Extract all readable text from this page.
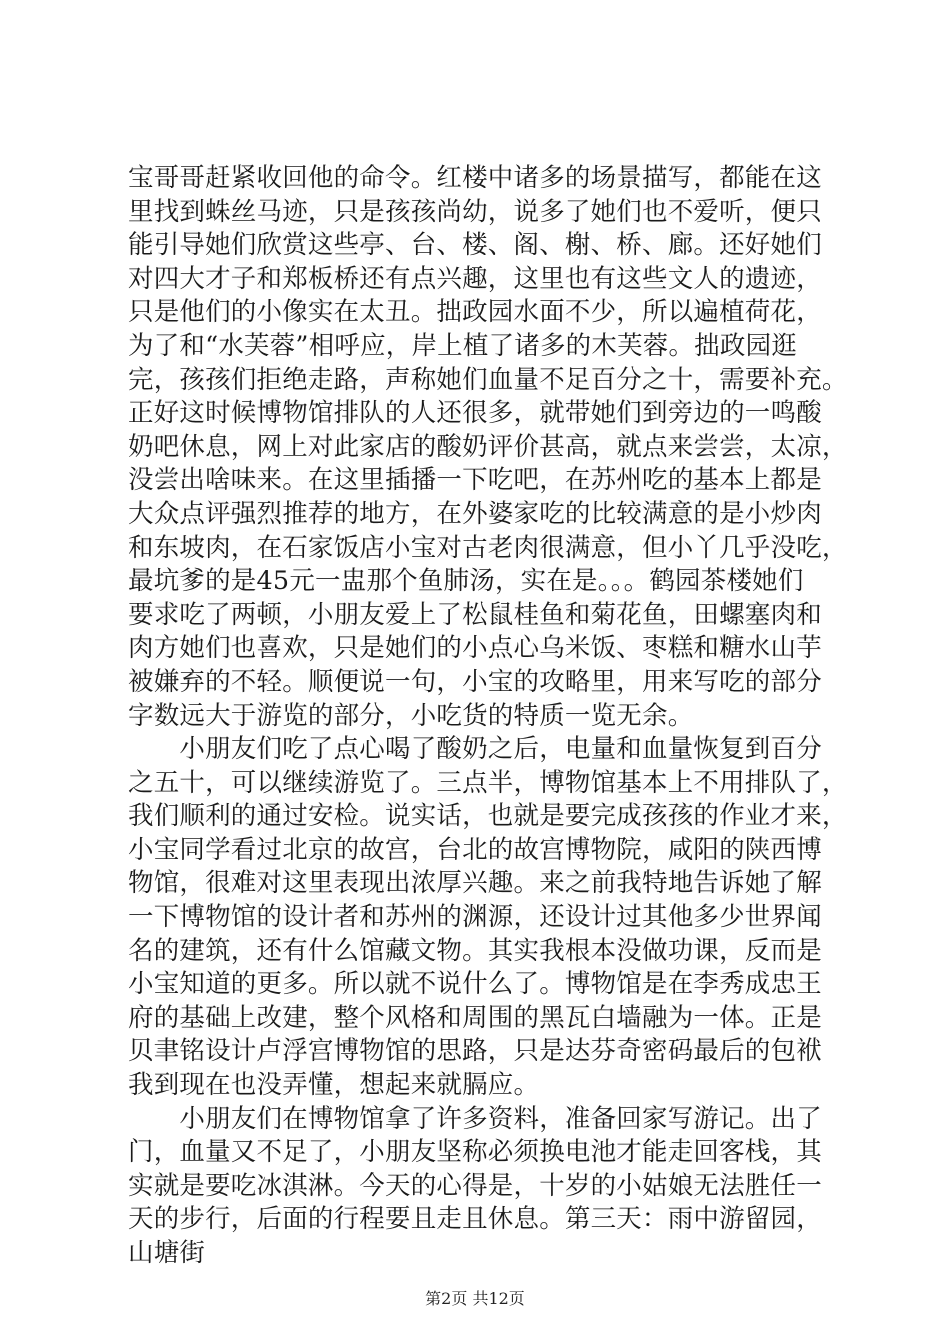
宝哥哥赶紧收回他的命令。红楼中诸多的场景描写，都能在这
里找到蛛丝马迹，只是孩孩尚幼，说多了她们也不爱听，便只
能引导她们欣赏这些亭、台、楼、阁、榭、桥、廊。还好她们
对四大才子和郑板桥还有点兴趣，这里也有这些文人的遗迹，
只是他们的小像实在太丑。拙政园水面不少，所以遍植荷花，
为了和“水芙蓉”相呼应，岸上植了诸多的木芙蓉。拙政园逛
完，孩孩们拒绝走路，声称她们血量不足百分之十，需要补充。
正好这时候博物馆排队的人还很多，就带她们到旁边的一鸣酸
奶吧休息，网上对此家店的酸奶评价甚高，就点来尝尝，太凉，
没尝出啥味来。在这里插播一下吃吧，在苏州吃的基本上都是
大众点评强烈推荐的地方，在外婆家吃的比较满意的是小炒肉
和东坡肉，在石家饭店小宝对古老肉很满意，但小丫几乎没吃，
最坑爹的是45元一盅那个鱼肺汤，实在是。。。鹤园茶楼她们
要求吃了两顿，小朋友爱上了松鼠桂鱼和菊花鱼，田螺塞肉和
肉方她们也喜欢，只是她们的小点心乌米饭、枣糕和糖水山芋
被嫌弃的不轻。顺便说一句，小宝的攻略里，用来写吃的部分
字数远大于游览的部分，小吃货的特质一览无余。
　　小朋友们吃了点心喝了酸奶之后，电量和血量恢复到百分
之五十，可以继续游览了。三点半，博物馆基本上不用排队了，
我们顺利的通过安检。说实话，也就是要完成孩孩的作业才来，
小宝同学看过北京的故宫，台北的故宫博物院，咸阳的陕西博
物馆，很难对这里表现出浓厚兴趣。来之前我特地告诉她了解
一下博物馆的设计者和苏州的渊源，还设计过其他多少世界闻
名的建筑，还有什么馆藏文物。其实我根本没做功课，反而是
小宝知道的更多。所以就不说什么了。博物馆是在李秀成忠王
府的基础上改建，整个风格和周围的黑瓦白墙融为一体。正是
贝聿铭设计卢浮宫博物馆的思路，只是达芬奇密码最后的包袱
我到现在也没弄懂，想起来就膈应。
　　小朋友们在博物馆拿了许多资料，准备回家写游记。出了
门，血量又不足了，小朋友坚称必须换电池才能走回客栈，其
实就是要吃冰淇淋。今天的心得是，十岁的小姑娘无法胜任一
天的步行，后面的行程要且走且休息。第三天：雨中游留园，
山塘街
第2页 共12页
